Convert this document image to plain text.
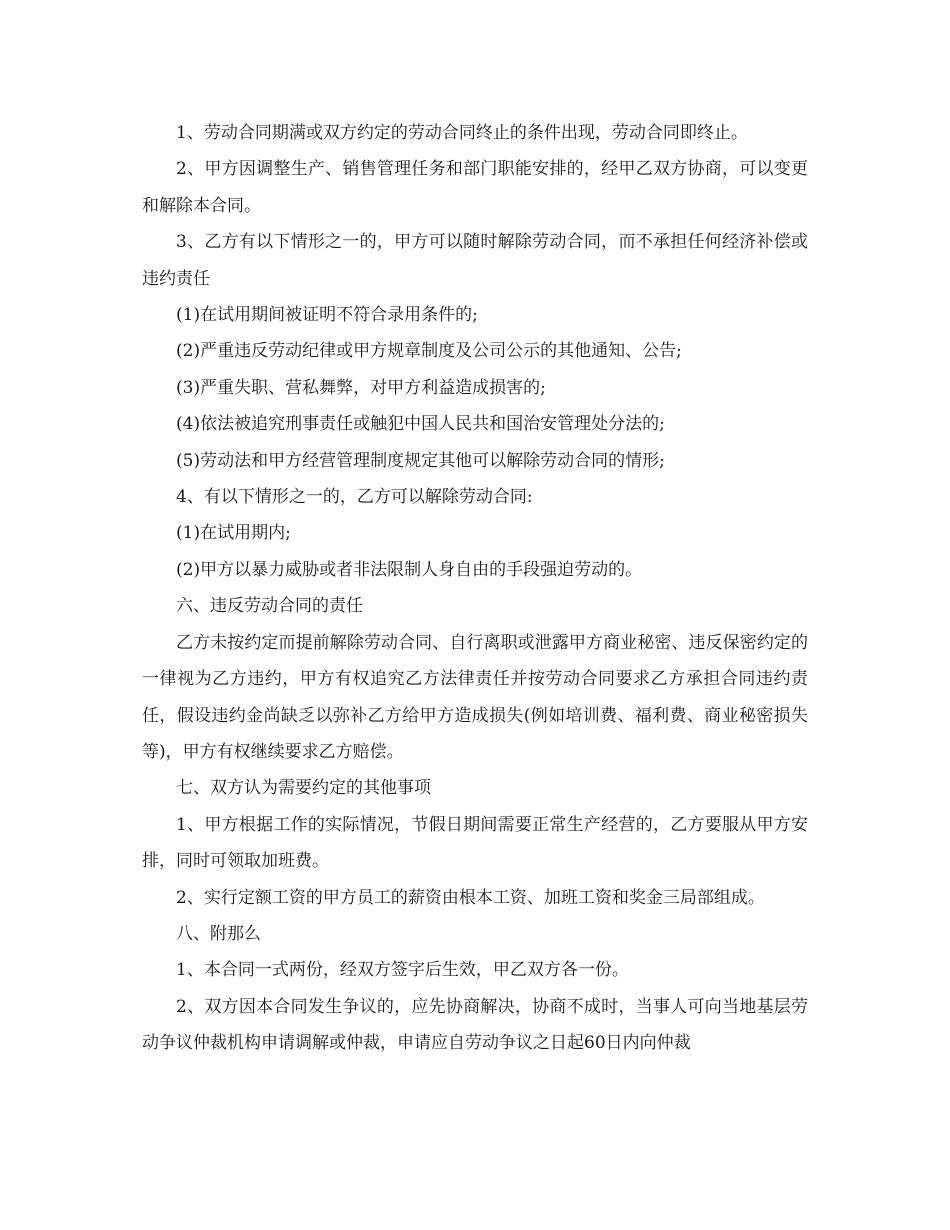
1、劳动合同期满或双方约定的劳动合同终止的条件出现，劳动合同即终止。

2、甲方因调整生产、销售管理任务和部门职能安排的，经甲乙双方协商，可以变更和解除本合同。

3、乙方有以下情形之一的，甲方可以随时解除劳动合同，而不承担任何经济补偿或违约责任

(1)在试用期间被证明不符合录用条件的;

(2)严重违反劳动纪律或甲方规章制度及公司公示的其他通知、公告;

(3)严重失职、营私舞弊，对甲方利益造成损害的;

(4)依法被追究刑事责任或触犯中国人民共和国治安管理处分法的;

(5)劳动法和甲方经营管理制度规定其他可以解除劳动合同的情形;

4、有以下情形之一的，乙方可以解除劳动合同:

(1)在试用期内;

(2)甲方以暴力威胁或者非法限制人身自由的手段强迫劳动的。

六、违反劳动合同的责任

乙方未按约定而提前解除劳动合同、自行离职或泄露甲方商业秘密、违反保密约定的一律视为乙方违约，甲方有权追究乙方法律责任并按劳动合同要求乙方承担合同违约责任，假设违约金尚缺乏以弥补乙方给甲方造成损失(例如培训费、福利费、商业秘密损失等)，甲方有权继续要求乙方赔偿。

七、双方认为需要约定的其他事项

1、甲方根据工作的实际情况，节假日期间需要正常生产经营的，乙方要服从甲方安排，同时可领取加班费。

2、实行定额工资的甲方员工的薪资由根本工资、加班工资和奖金三局部组成。

八、附那么

1、本合同一式两份，经双方签字后生效，甲乙双方各一份。

2、双方因本合同发生争议的，应先协商解决，协商不成时，当事人可向当地基层劳动争议仲裁机构申请调解或仲裁，申请应自劳动争议之日起60日内向仲裁
